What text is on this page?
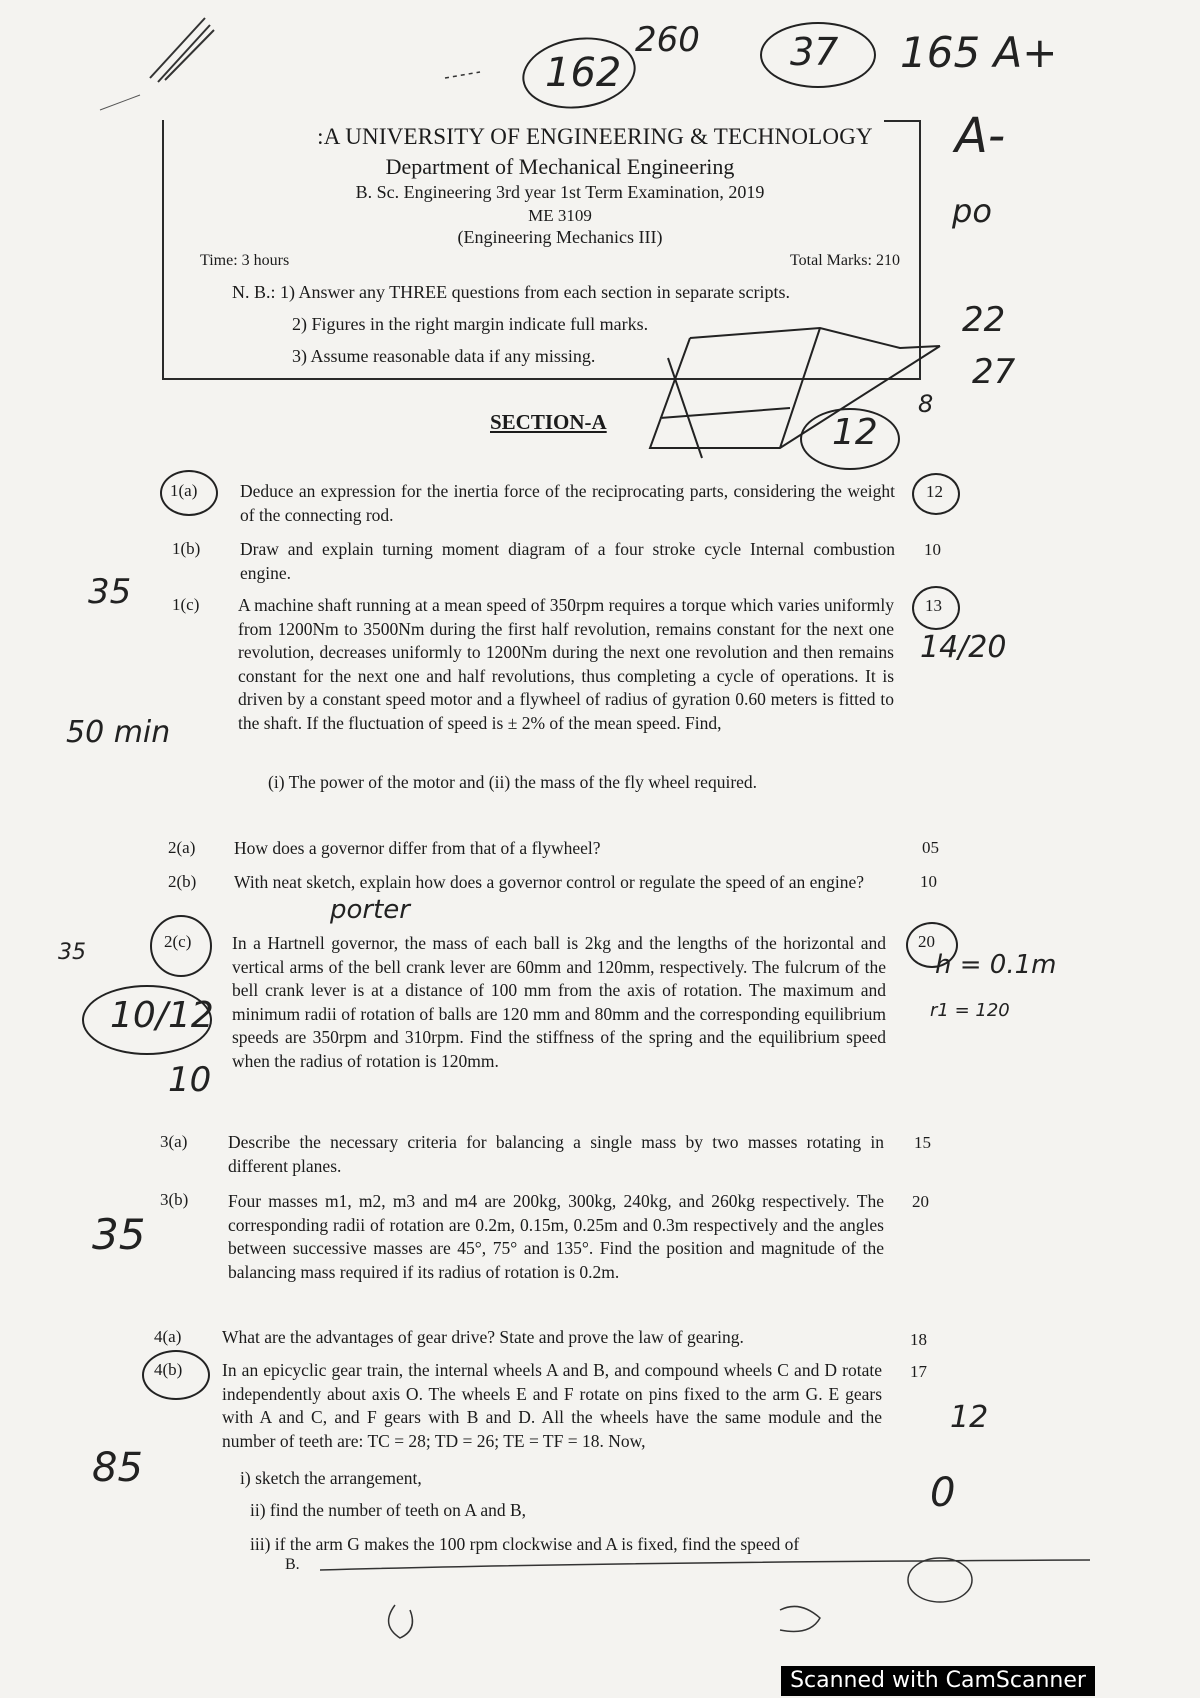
162
260 37 165 A+
A-
po
22
27
:A UNIVERSITY OF ENGINEERING & TECHNOLOGY
Department of Mechanical Engineering
B. Sc. Engineering 3rd year 1st Term Examination, 2019
ME 3109
(Engineering Mechanics III)
Time: 3 hours	Total Marks: 210
N. B.: 1) Answer any THREE questions from each section in separate scripts.
2) Figures in the right margin indicate full marks.
3) Assume reasonable data if any missing.
12
8
SECTION-A
1(a) Deduce an expression for the inertia force of the reciprocating parts, considering the weight of the connecting rod.
12
1(b) Draw and explain turning moment diagram of a four stroke cycle Internal combustion engine.
10
1(c) A machine shaft running at a mean speed of 350rpm requires a torque which varies uniformly from 1200Nm to 3500Nm during the first half revolution, remains constant for the next one revolution, decreases uniformly to 1200Nm during the next one revolution and then remains constant for the next one and half revolutions, thus completing a cycle of operations. It is driven by a constant speed motor and a flywheel of radius of gyration 0.60 meters is fitted to the shaft. If the fluctuation of speed is ± 2% of the mean speed. Find,
13
(i) The power of the motor and (ii) the mass of the fly wheel required.
35
50 min
14/20
2(a) How does a governor differ from that of a flywheel?	05
2(b) With neat sketch, explain how does a governor control or regulate the speed of an engine?	10
porter
2(c) In a Hartnell governor, the mass of each ball is 2kg and the lengths of the horizontal and vertical arms of the bell crank lever are 60mm and 120mm, respectively. The fulcrum of the bell crank lever is at a distance of 100 mm from the axis of rotation. The maximum and minimum radii of rotation of balls are 120 mm and 80mm and the corresponding equilibrium speeds are 350rpm and 310rpm. Find the stiffness of the spring and the equilibrium speed when the radius of rotation is 120mm.
20
10/12
10
35	h = 0.1m
r1 = 120
3(a) Describe the necessary criteria for balancing a single mass by two masses rotating in different planes.
15
3(b) Four masses m1, m2, m3 and m4 are 200kg, 300kg, 240kg, and 260kg respectively. The corresponding radii of rotation are 0.2m, 0.15m, 0.25m and 0.3m respectively and the angles between successive masses are 45°, 75° and 135°. Find the position and magnitude of the balancing mass required if its radius of rotation is 0.2m.
20
35
4(a) What are the advantages of gear drive? State and prove the law of gearing.	18
4(b) In an epicyclic gear train, the internal wheels A and B, and compound wheels C and D rotate independently about axis O. The wheels E and F rotate on pins fixed to the arm G. E gears with A and C, and F gears with B and D. All the wheels have the same module and the number of teeth are: TC = 28; TD = 26; TE = TF = 18. Now,
17
i) sketch the arrangement,
ii) find the number of teeth on A and B,
iii) if the arm G makes the 100 rpm clockwise and A is fixed, find the speed of
B.
85
12
0
Scanned with CamScanner
